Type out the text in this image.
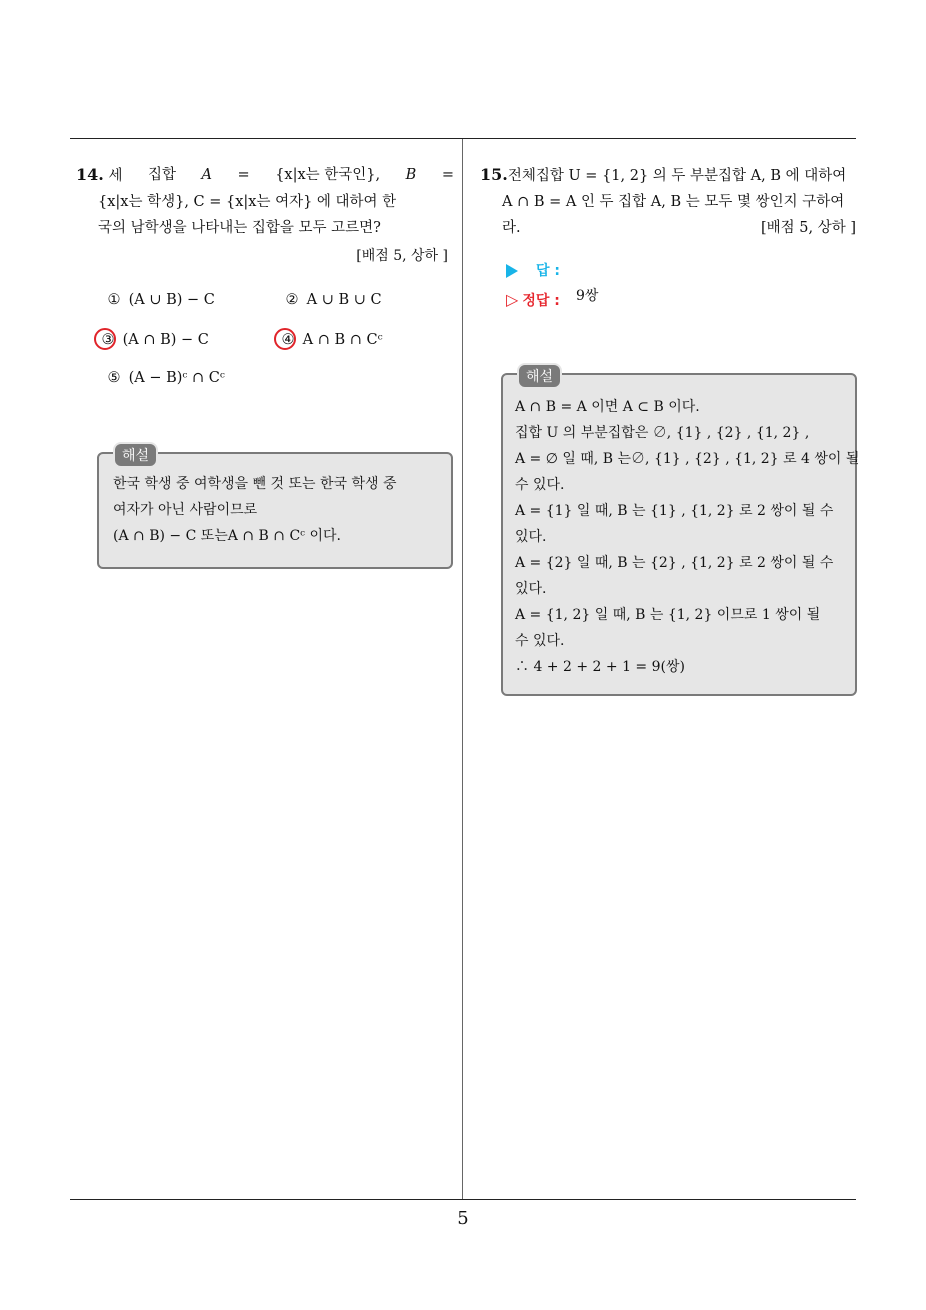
14. 세 집합 A = {x|x는 한국인}, B =
{x|x는 학생}, C = {x|x는 여자} 에 대하여 한
국의 남학생을 나타내는 집합을 모두 고르면?
[배점 5, 상하 ]
① (A ∪ B) − C	② A ∪ B ∪ C
③ (A ∩ B) − C	④ A ∩ B ∩ Cᶜ
⑤ (A − B)ᶜ ∩ Cᶜ
해설
한국 학생 중 여학생을 뺀 것 또는 한국 학생 중
여자가 아닌 사람이므로
(A ∩ B) − C 또는A ∩ B ∩ Cᶜ 이다.
15.전체집합 U = {1, 2} 의 두 부분집합 A, B 에 대하여
A ∩ B = A 인 두 집합 A, B 는 모두 몇 쌍인지 구하여
라.	[배점 5, 상하 ]
답 :
▷ 정답 : 9쌍
해설
A ∩ B = A 이면 A ⊂ B 이다.
집합 U 의 부분집합은 ∅, {1} , {2} , {1, 2} ,
A = ∅ 일 때, B 는∅, {1} , {2} , {1, 2} 로 4 쌍이 될
수 있다.
A = {1} 일 때, B 는 {1} , {1, 2} 로 2 쌍이 될 수
있다.
A = {2} 일 때, B 는 {2} , {1, 2} 로 2 쌍이 될 수
있다.
A = {1, 2} 일 때, B 는 {1, 2} 이므로 1 쌍이 될
수 있다.
∴ 4 + 2 + 2 + 1 = 9(쌍)
5
